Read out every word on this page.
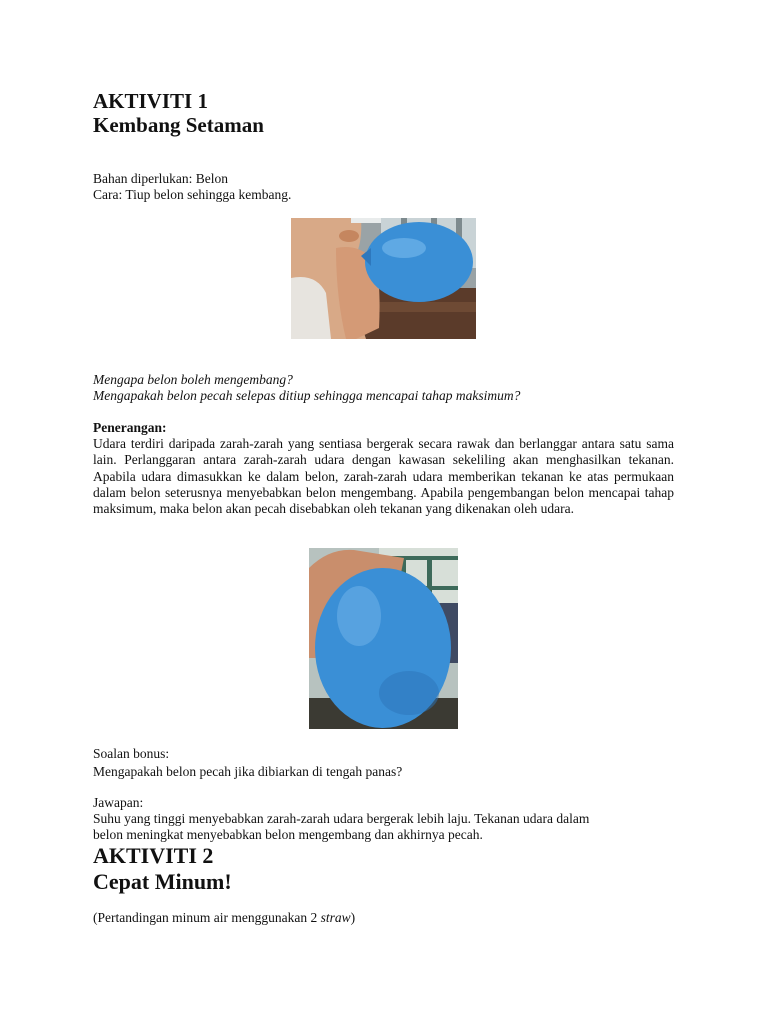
AKTIVITI 1
Kembang Setaman

Bahan diperlukan: Belon

Cara: Tiup belon sehingga kembang.

Mengapa belon boleh mengembang?

Mengapakah belon pecah selepas ditiup sehingga mencapai tahap maksimum?

Penerangan:

Udara terdiri daripada zarah-zarah yang sentiasa bergerak secara rawak dan berlanggar antara satu sama lain. Perlanggaran antara zarah-zarah udara dengan kawasan sekeliling akan menghasilkan tekanan. Apabila udara dimasukkan ke dalam belon, zarah-zarah udara memberikan tekanan ke atas permukaan dalam belon seterusnya menyebabkan belon mengembang. Apabila pengembangan belon mencapai tahap maksimum, maka belon akan pecah disebabkan oleh tekanan yang dikenakan oleh udara.

Soalan bonus:

Mengapakah belon pecah jika dibiarkan di tengah panas?

Jawapan:

Suhu yang tinggi menyebabkan zarah-zarah udara bergerak lebih laju. Tekanan udara dalam

belon meningkat menyebabkan belon mengembang dan akhirnya pecah.

AKTIVITI 2
Cepat Minum!

(Pertandingan minum air menggunakan 2 straw)
